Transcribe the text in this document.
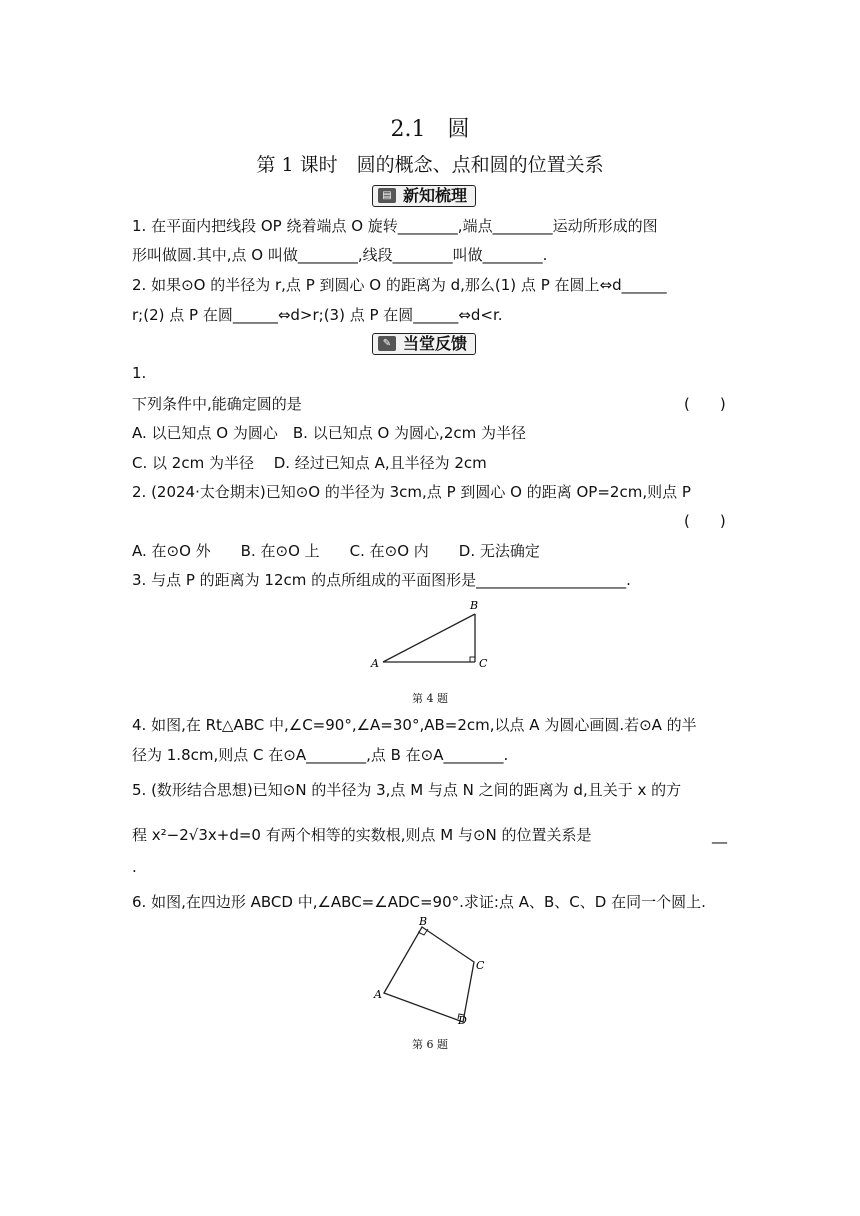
2.1　圆
第 1 课时　圆的概念、点和圆的位置关系
▤ 新知梳理
1. 在平面内把线段 OP 绕着端点 O 旋转________,端点________运动所形成的图
形叫做圆.其中,点 O 叫做________,线段________叫做________.
2. 如果⊙O 的半径为 r,点 P 到圆心 O 的距离为 d,那么(1) 点 P 在圆上⇔d______
r;(2) 点 P 在圆______⇔d>r;(3) 点 P 在圆______⇔d<r.
✎ 当堂反馈
1.
下列条件中,能确定圆的是	(　　)
A. 以已知点 O 为圆心　B. 以已知点 O 为圆心,2cm 为半径
C. 以 2cm 为半径　 D. 经过已知点 A,且半径为 2cm
2. (2024·太仓期末)已知⊙O 的半径为 3cm,点 P 到圆心 O 的距离 OP=2cm,则点 P
(　　)
A. 在⊙O 外　　B. 在⊙O 上　　C. 在⊙O 内　　D. 无法确定
3. 与点 P 的距离为 12cm 的点所组成的平面图形是____________________.
A
B
C
第 4 题
4. 如图,在 Rt△ABC 中,∠C=90°,∠A=30°,AB=2cm,以点 A 为圆心画圆.若⊙A 的半
径为 1.8cm,则点 C 在⊙A________,点 B 在⊙A________.
5. (数形结合思想)已知⊙N 的半径为 3,点 M 与点 N 之间的距离为 d,且关于 x 的方
程 x²−2√3x+d=0 有两个相等的实数根,则点 M 与⊙N 的位置关系是	__
.
6. 如图,在四边形 ABCD 中,∠ABC=∠ADC=90°.求证:点 A、B、C、D 在同一个圆上.
A
B
C
D
第 6 题
